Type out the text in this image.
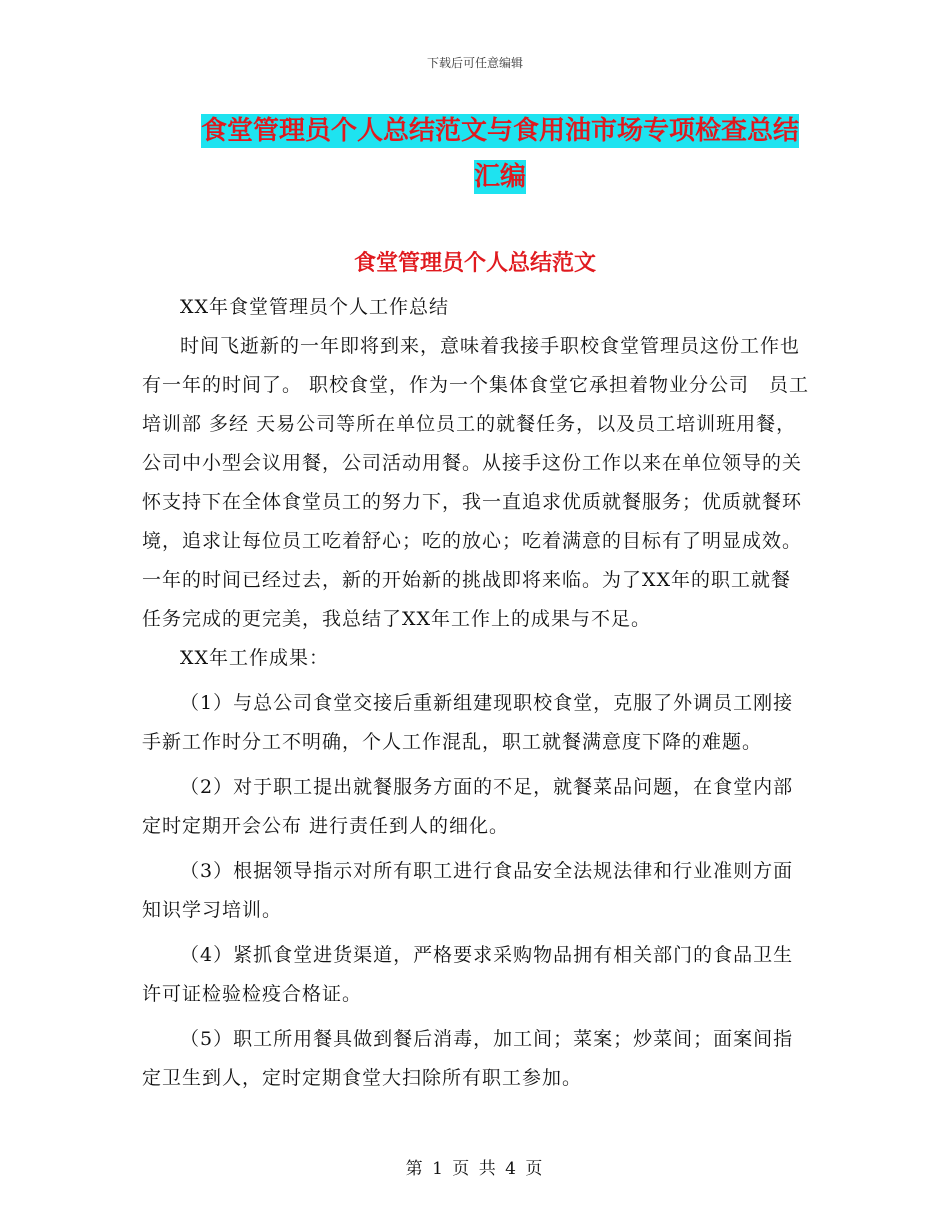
下载后可任意编辑
食堂管理员个人总结范文与食用油市场专项检查总结
汇编
食堂管理员个人总结范文

XX年食堂管理员个人工作总结

时间飞逝新的一年即将到来，意味着我接手职校食堂管理员这份工作也有一年的时间了。 职校食堂，作为一个集体食堂它承担着物业分公司　员工培训部 多经 天易公司等所在单位员工的就餐任务，以及员工培训班用餐，公司中小型会议用餐，公司活动用餐。从接手这份工作以来在单位领导的关怀支持下在全体食堂员工的努力下，我一直追求优质就餐服务；优质就餐环境，追求让每位员工吃着舒心；吃的放心；吃着满意的目标有了明显成效。一年的时间已经过去，新的开始新的挑战即将来临。为了XX年的职工就餐任务完成的更完美，我总结了XX年工作上的成果与不足。

XX年工作成果：

（1）与总公司食堂交接后重新组建现职校食堂，克服了外调员工刚接手新工作时分工不明确，个人工作混乱，职工就餐满意度下降的难题。

（2）对于职工提出就餐服务方面的不足，就餐菜品问题，在食堂内部定时定期开会公布 进行责任到人的细化。

（3）根据领导指示对所有职工进行食品安全法规法律和行业准则方面知识学习培训。

（4）紧抓食堂进货渠道，严格要求采购物品拥有相关部门的食品卫生许可证检验检疫合格证。

（5）职工所用餐具做到餐后消毒，加工间；菜案；炒菜间；面案间指定卫生到人，定时定期食堂大扫除所有职工参加。

第 1 页 共 4 页
